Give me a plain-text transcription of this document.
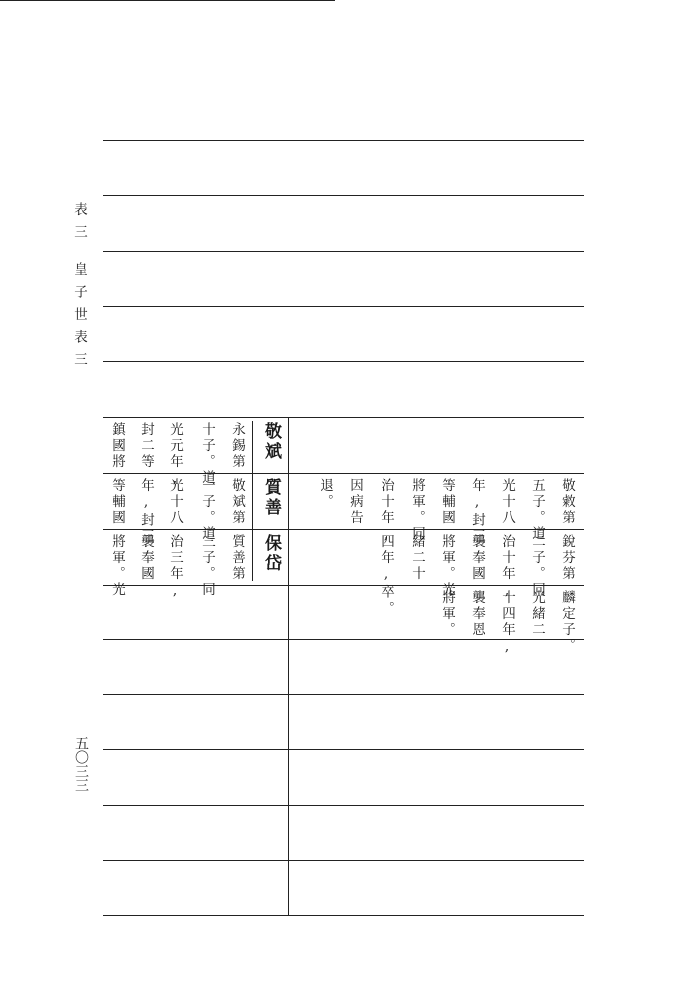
表三
皇子世表三
五〇三三
敬斌
永錫第
十子。道
光元年,
封二等
鎮國將
質善
敬斌第
一子。道
光十八
年,封三
等輔國
保岱
質善第
三子。同
治三年,
襲奉國
將軍。光
敬敹第
五子。道
光十八
年,封三
等輔國
將軍。同
治十年,
因病告
退。
銳芬第
二子。同
治十年,
襲奉國
將軍。光
緒二十
四年,卒。
麟定子。
光緒二
十四年,
襲奉恩
將軍。
